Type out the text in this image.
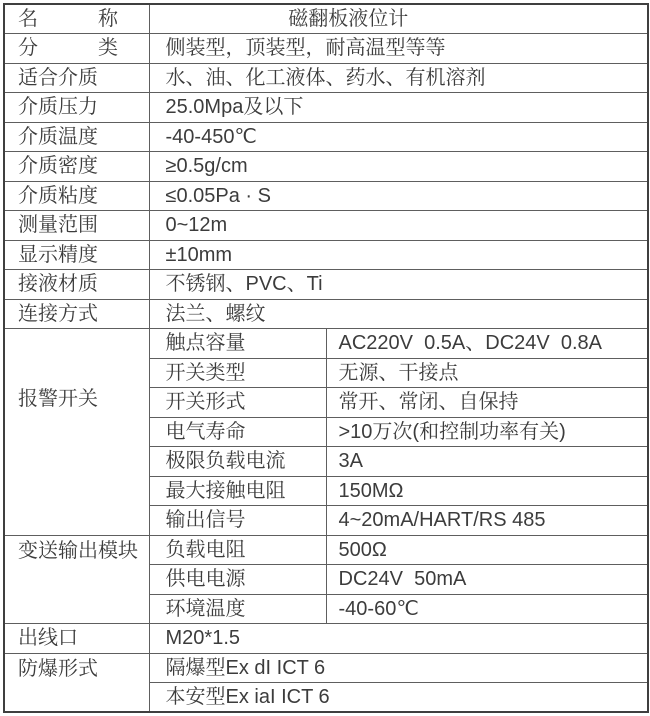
名　　　称	磁翻板液位计	
分　　　类	侧装型，顶装型，耐高温型等等	
适合介质	水、油、化工液体、药水、有机溶剂	
介质压力	25.0Mpa及以下	
介质温度	-40-450℃	
介质密度	≥0.5g/cm	
介质粘度	≤0.05Pa · S	
测量范围	0~12m	
显示精度	±10mm	
接液材质	不锈钢、PVC、Ti	
连接方式	法兰、螺纹	
报警开关	触点容量	AC220V  0.5A、DC24V  0.8A
	开关类型	无源、干接点
	开关形式	常开、常闭、自保持
	电气寿命	>10万次(和控制功率有关)
	极限负载电流	3A
	最大接触电阻	150MΩ
	输出信号	4~20mA/HART/RS 485
变送输出模块	负载电阻	500Ω
	供电电源	DC24V  50mA
	环境温度	-40-60℃
出线口	M20*1.5	
防爆形式	隔爆型Ex dI ICT 6	
	本安型Ex iaI ICT 6	
